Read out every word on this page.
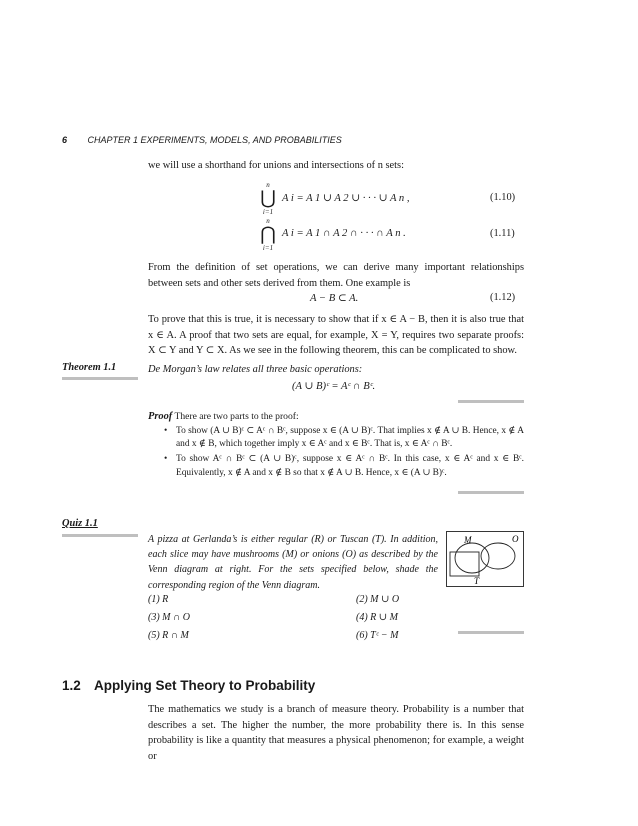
6 CHAPTER 1 EXPERIMENTS, MODELS, AND PROBABILITIES
we will use a shorthand for unions and intersections of n sets:
n
⋃
i=1
A i = A 1 ∪ A 2 ∪ · · · ∪ A n ,	(1.10)
n
⋂
i=1
A i = A 1 ∩ A 2 ∩ · · · ∩ A n .	(1.11)
From the definition of set operations, we can derive many important relationships between sets and other sets derived from them. One example is
A − B ⊂ A.	(1.12)
To prove that this is true, it is necessary to show that if x ∈ A − B, then it is also true that x ∈ A. A proof that two sets are equal, for example, X = Y, requires two separate proofs: X ⊂ Y and Y ⊂ X. As we see in the following theorem, this can be complicated to show.
Theorem 1.1	De Morgan’s law relates all three basic operations:
(A ∪ B)ᶜ = Aᶜ ∩ Bᶜ.
Proof There are two parts to the proof:
• To show (A ∪ B)ᶜ ⊂ Aᶜ ∩ Bᶜ, suppose x ∈ (A ∪ B)ᶜ. That implies x ∉ A ∪ B. Hence, x ∉ A and x ∉ B, which together imply x ∈ Aᶜ and x ∈ Bᶜ. That is, x ∈ Aᶜ ∩ Bᶜ.
• To show Aᶜ ∩ Bᶜ ⊂ (A ∪ B)ᶜ, suppose x ∈ Aᶜ ∩ Bᶜ. In this case, x ∈ Aᶜ and x ∈ Bᶜ. Equivalently, x ∉ A and x ∉ B so that x ∉ A ∪ B. Hence, x ∈ (A ∪ B)ᶜ.
Quiz 1.1
A pizza at Gerlanda’s is either regular (R) or Tuscan (T). In addition, each slice may have mushrooms (M) or onions (O) as described by the Venn diagram at right. For the sets specified below, shade the corresponding region of the Venn diagram.
M	O
T
(1) R	(2) M ∪ O
(3) M ∩ O	(4) R ∪ M
(5) R ∩ M	(6) Tᶜ − M
1.2 Applying Set Theory to Probability
The mathematics we study is a branch of measure theory. Probability is a number that describes a set. The higher the number, the more probability there is. In this sense probability is like a quantity that measures a physical phenomenon; for example, a weight or
